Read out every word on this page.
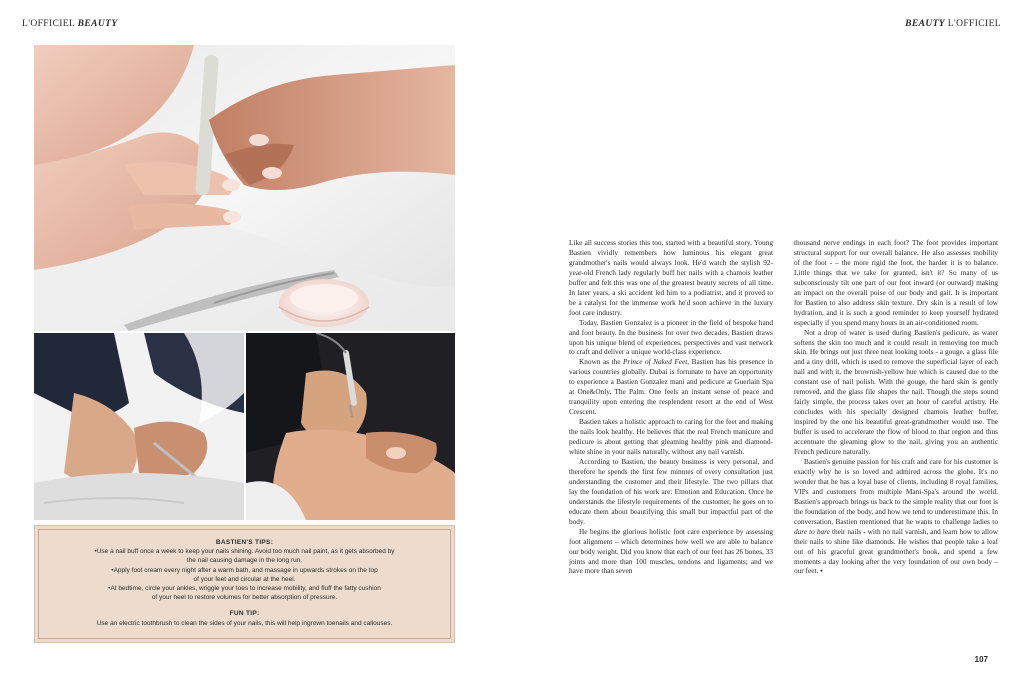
L'OFFICIEL BEAUTY	BEAUTY L'OFFICIEL

BASTIEN'S TIPS:

•Use a nail buff once a week to keep your nails shining. Avoid too much nail paint, as it gets absorbed by

the nail causing damage in the long run.

•Apply foot cream every night after a warm bath, and massage in upwards strokes on the top

of your feet and circular at the heel.

•At bedtime, circle your ankles, wriggle your toes to increase mobility, and fluff the fatty cushion

of your heel to restore volumes for better absorption of pressure.

FUN TIP:

Use an electric toothbrush to clean the sides of your nails, this will help ingrown toenails and callouses.

Like all success stories this too, started with a beautiful story. Young Bastien vividly remembers how luminous his elegant great grandmother's nails would always look. He'd watch the stylish 92-year-old French lady regularly buff her nails with a chamois leather buffer and felt this was one of the greatest beauty secrets of all time. In later years, a ski accident led him to a podiatrist, and it proved to be a catalyst for the immense work he'd soon achieve in the luxury foot care industry.

Today, Bastien Gonzalez is a pioneer in the field of bespoke hand and foot beauty. In the business for over two decades, Bastien draws upon his unique blend of experiences, perspectives and vast network to craft and deliver a unique world-class experience.

Known as the Prince of Naked Feet, Bastien has his presence in various countries globally. Dubai is fortunate to have an opportunity to experience a Bastien Gonzalez mani and pedicure at Guerlain Spa at One&Only, The Palm. One feels an instant sense of peace and tranquility upon entering the resplendent resort at the end of West Crescent.

Bastien takes a holistic approach to caring for the feet and making the nails look healthy. He believes that the real French manicure and pedicure is about getting that gleaming healthy pink and diamond-white shine in your nails naturally, without any nail varnish.

According to Bastien, the beauty business is very personal, and therefore he spends the first few minutes of every consultation just understanding the customer and their lifestyle. The two pillars that lay the foundation of his work are: Emotion and Education. Once he understands the lifestyle requirements of the customer, he goes on to educate them about beautifying this small but impactful part of the body.

He begins the glorious holistic foot care experience by assessing foot alignment – which determines how well we are able to balance our body weight. Did you know that each of our feet has 26 bones, 33 joints and more than 100 muscles, tendons and ligaments; and we have more than seven

thousand nerve endings in each foot? The foot provides important structural support for our overall balance. He also assesses mobility of the foot - – the more rigid the foot, the harder it is to balance. Little things that we take for granted, isn't it? So many of us subconsciously tilt one part of our foot inward (or outward) making an impact on the overall poise of our body and gait. It is important for Bastien to also address skin texture. Dry skin is a result of low hydration, and it is such a good reminder to keep yourself hydrated especially if you spend many hours in an air-conditioned room.

Not a drop of water is used during Bastien's pedicure, as water softens the skin too much and it could result in removing too much skin. He brings out just three neat looking tools - a gouge, a glass file and a tiny drill, which is used to remove the superficial layer of each nail and with it, the brownish-yellow hue which is caused due to the constant use of nail polish. With the gouge, the hard skin is gently removed, and the glass file shapes the nail. Though the steps sound fairly simple, the process takes over an hour of careful artistry. He concludes with his specially designed chamois leather buffer, inspired by the one his beautiful great-grandmother would use. The buffer is used to accelerate the flow of blood to that region and thus accentuate the gleaming glow to the nail, giving you an authentic French pedicure naturally.

Bastien's genuine passion for his craft and care for his customer is exactly why he is so loved and admired across the globe. It's no wonder that he has a loyal base of clients, including 8 royal families, VIPs and customers from multiple Mani-Spa's around the world. Bastien's approach brings us back to the simple reality that our foot is the foundation of the body, and how we tend to underestimate this. In conversation, Bastien mentioned that he wants to challenge ladies to dare to bare their nails - with no nail varnish, and learn how to allow their nails to shine like diamonds. He wishes that people take a leaf out of his graceful great grandmother's book, and spend a few moments a day looking after the very foundation of our own body – our feet. ▪

107
